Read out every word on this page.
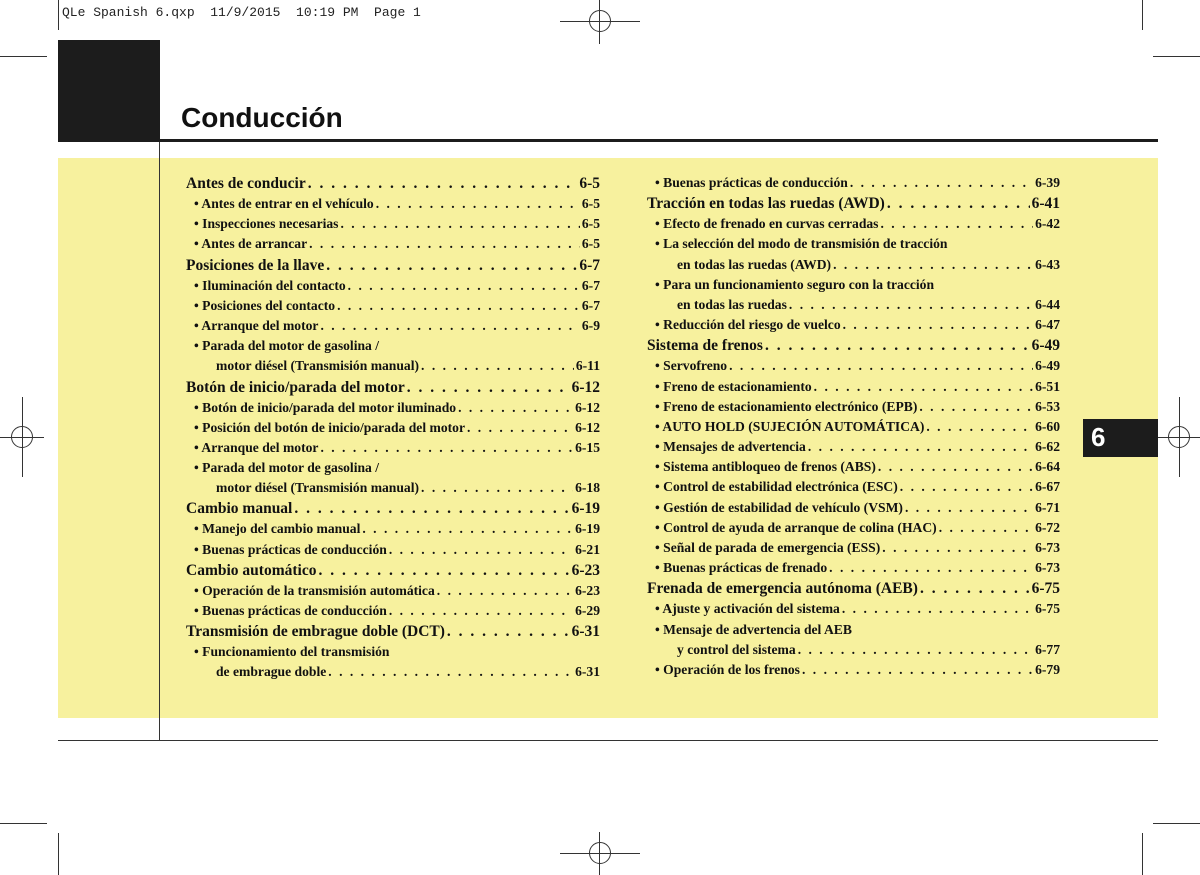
QLe Spanish 6.qxp  11/9/2015  10:19 PM  Page 1
Conducción
6
Antes de conducir . . .	6-5
• Antes de entrar en el vehículo . . .	6-5
• Inspecciones necesarias . . .	6-5
• Antes de arrancar . . .	6-5
Posiciones de la llave . . .	6-7
• Iluminación del contacto . . .	6-7
• Posiciones del contacto . . .	6-7
• Arranque del motor . . .	6-9
• Parada del motor de gasolina /
motor diésel (Transmisión manual) . . .	6-11
Botón de inicio/parada del motor . . .	6-12
• Botón de inicio/parada del motor iluminado . . .	6-12
• Posición del botón de inicio/parada del motor . . .	6-12
• Arranque del motor . . .	6-15
• Parada del motor de gasolina /
motor diésel (Transmisión manual) . . .	6-18
Cambio manual . . .	6-19
• Manejo del cambio manual . . .	6-19
• Buenas prácticas de conducción . . .	6-21
Cambio automático . . .	6-23
• Operación de la transmisión automática . . .	6-23
• Buenas prácticas de conducción . . .	6-29
Transmisión de embrague doble (DCT) . . .	6-31
• Funcionamiento del transmisión
de embrague doble . . .	6-31
• Buenas prácticas de conducción . . .	6-39
Tracción en todas las ruedas (AWD) . . .	6-41
• Efecto de frenado en curvas cerradas . . .	6-42
• La selección del modo de transmisión de tracción
en todas las ruedas (AWD) . . .	6-43
• Para un funcionamiento seguro con la tracción
en todas las ruedas . . .	6-44
• Reducción del riesgo de vuelco . . .	6-47
Sistema de frenos . . .	6-49
• Servofreno . . .	6-49
• Freno de estacionamiento . . .	6-51
• Freno de estacionamiento electrónico (EPB) . . .	6-53
• AUTO HOLD (SUJECIÓN AUTOMÁTICA) . . .	6-60
• Mensajes de advertencia . . .	6-62
• Sistema antibloqueo de frenos (ABS) . . .	6-64
• Control de estabilidad electrónica (ESC) . . .	6-67
• Gestión de estabilidad de vehículo (VSM) . . .	6-71
• Control de ayuda de arranque de colina (HAC) . . .	6-72
• Señal de parada de emergencia (ESS) . . .	6-73
• Buenas prácticas de frenado . . .	6-73
Frenada de emergencia autónoma (AEB) . . .	6-75
• Ajuste y activación del sistema . . .	6-75
• Mensaje de advertencia del AEB
y control del sistema . . .	6-77
• Operación de los frenos . . .	6-79
